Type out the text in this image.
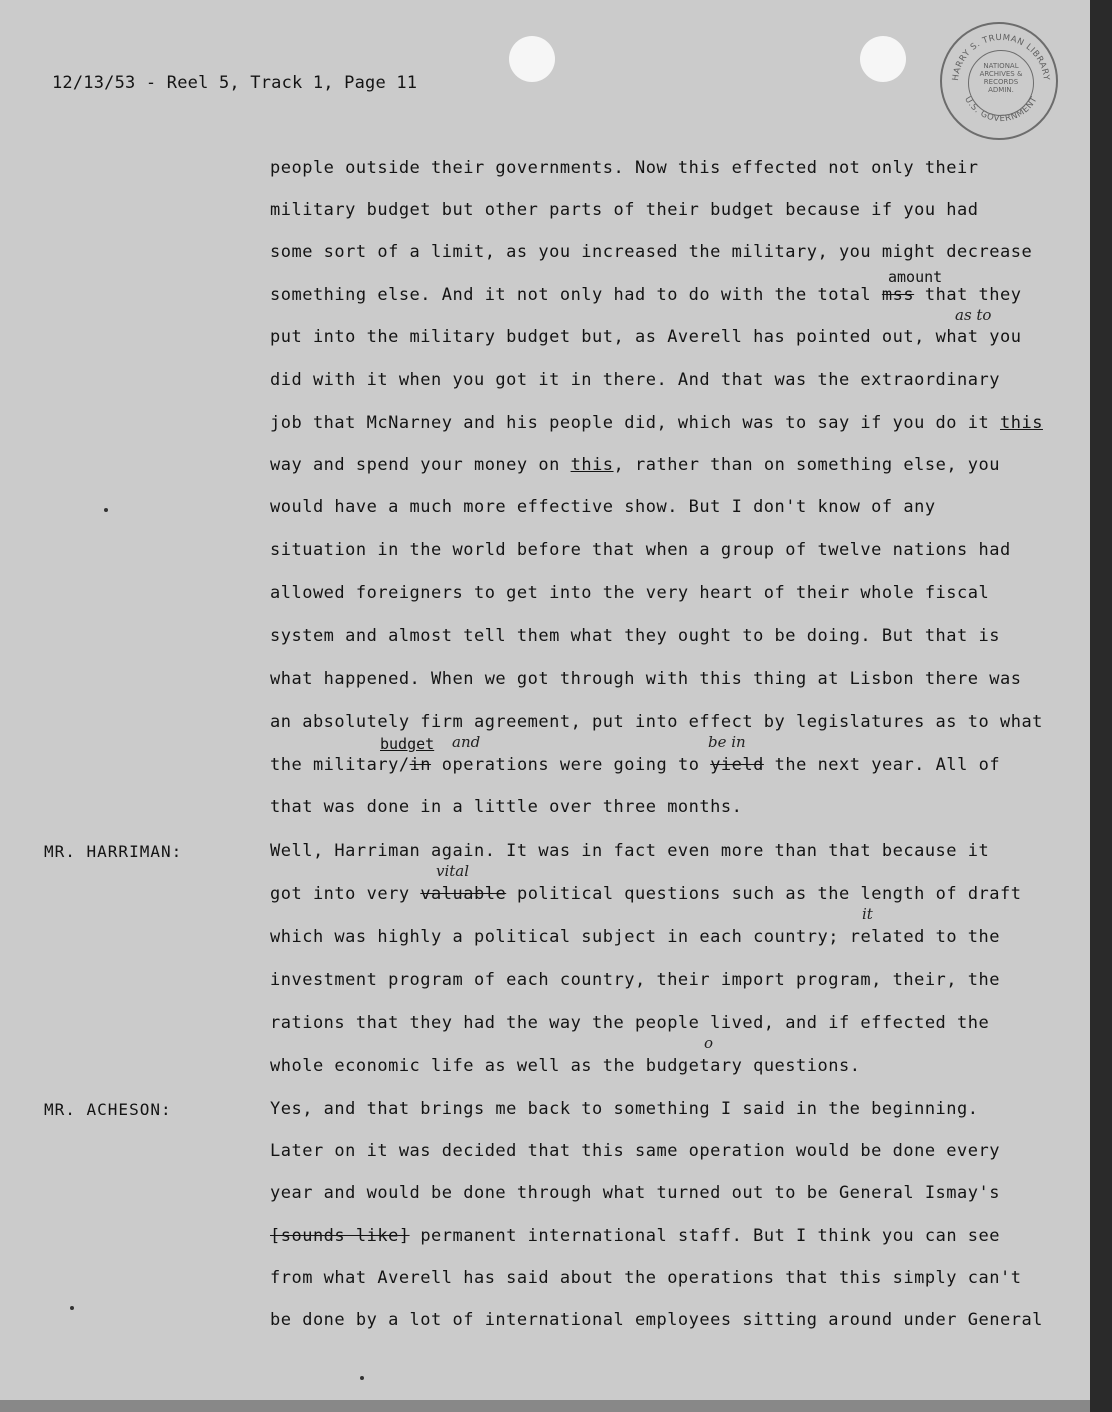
HARRY S. TRUMAN LIBRARY
U.S. GOVERNMENT
NATIONAL
ARCHIVES &
RECORDS
ADMIN.
12/13/53 - Reel 5, Track 1, Page 11
people outside their governments. Now this effected not only their
military budget but other parts of their budget because if you had
some sort of a limit, as you increased the military, you might decrease
amount
something else. And it not only had to do with the total mss that they
as to
put into the military budget but, as Averell has pointed out, what you
did with it when you got it in there. And that was the extraordinary
job that McNarney and his people did, which was to say if you do it this
way and spend your money on this, rather than on something else, you
would have a much more effective show. But I don't know of any
situation in the world before that when a group of twelve nations had
allowed foreigners to get into the very heart of their whole fiscal
system and almost tell them what they ought to be doing. But that is
what happened. When we got through with this thing at Lisbon there was
an absolutely firm agreement, put into effect by legislatures as to what
budget and	be in
the military/in operations were going to yield the next year. All of
that was done in a little over three months.
MR. HARRIMAN:	Well, Harriman again. It was in fact even more than that because it
vital
got into very valuable political questions such as the length of draft
it
which was highly a political subject in each country; related to the
investment program of each country, their import program, their, the
rations that they had the way the people lived, and if effected the
o
whole economic life as well as the budgetary questions.
MR. ACHESON:	Yes, and that brings me back to something I said in the beginning.
Later on it was decided that this same operation would be done every
year and would be done through what turned out to be General Ismay's
[sounds like] permanent international staff. But I think you can see
from what Averell has said about the operations that this simply can't
be done by a lot of international employees sitting around under General
